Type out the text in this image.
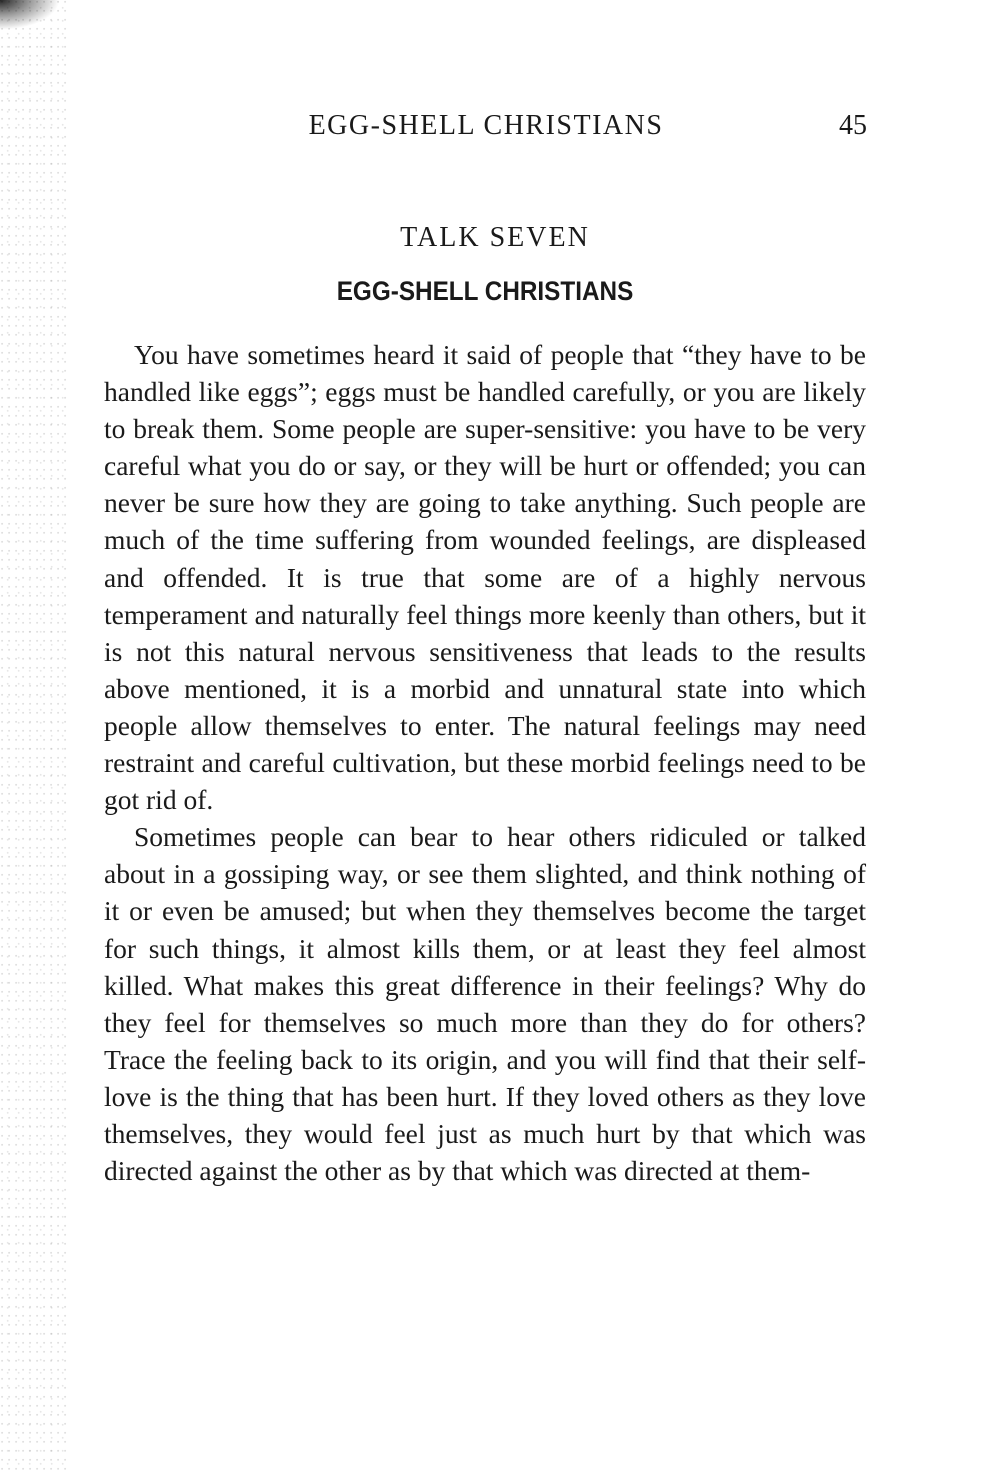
EGG-SHELL CHRISTIANS	45
TALK SEVEN
EGG-SHELL CHRISTIANS

You have sometimes heard it said of people that “they have to be handled like eggs”; eggs must be handled carefully, or you are likely to break them. Some people are super-sensitive: you have to be very careful what you do or say, or they will be hurt or offended; you can never be sure how they are going to take anything. Such people are much of the time suffering from wounded feelings, are displeased and offended. It is true that some are of a highly nervous temperament and naturally feel things more keenly than others, but it is not this natural nervous sensitiveness that leads to the results above mentioned, it is a morbid and unnatural state into which people allow themselves to enter. The natural feelings may need restraint and careful cultivation, but these morbid feelings need to be got rid of.

Sometimes people can bear to hear others ridiculed or talked about in a gossiping way, or see them slighted, and think nothing of it or even be amused; but when they themselves become the target for such things, it almost kills them, or at least they feel almost killed. What makes this great difference in their feelings? Why do they feel for themselves so much more than they do for others? Trace the feeling back to its origin, and you will find that their self-love is the thing that has been hurt. If they loved others as they love themselves, they would feel just as much hurt by that which was directed against the other as by that which was directed at them-
